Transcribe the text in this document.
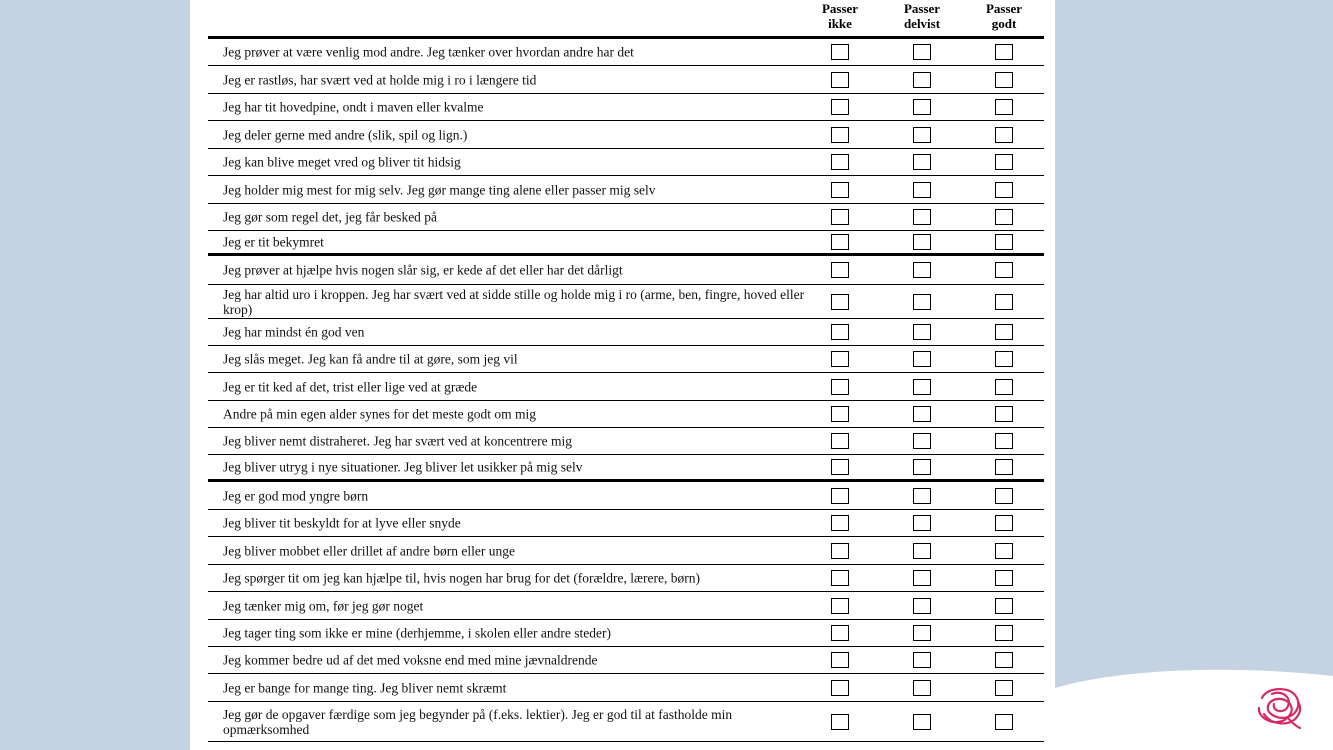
Passer
ikke
Passer
delvist
Passer
godt
Jeg prøver at være venlig mod andre. Jeg tænker over hvordan andre har det
Jeg er rastløs, har svært ved at holde mig i ro i længere tid
Jeg har tit hovedpine, ondt i maven eller kvalme
Jeg deler gerne med andre (slik, spil og lign.)
Jeg kan blive meget vred og bliver tit hidsig
Jeg holder mig mest for mig selv. Jeg gør mange ting alene eller passer mig selv
Jeg gør som regel det, jeg får besked på
Jeg er tit bekymret
Jeg prøver at hjælpe hvis nogen slår sig, er kede af det eller har det dårligt
Jeg har altid uro i kroppen. Jeg har svært ved at sidde stille og holde mig i ro (arme, ben, fingre, hoved eller krop)
Jeg har mindst én god ven
Jeg slås meget. Jeg kan få andre til at gøre, som jeg vil
Jeg er tit ked af det, trist eller lige ved at græde
Andre på min egen alder synes for det meste godt om mig
Jeg bliver nemt distraheret. Jeg har svært ved at koncentrere mig
Jeg bliver utryg i nye situationer. Jeg bliver let usikker på mig selv
Jeg er god mod yngre børn
Jeg bliver tit beskyldt for at lyve eller snyde
Jeg bliver mobbet eller drillet af andre børn eller unge
Jeg spørger tit om jeg kan hjælpe til, hvis nogen har brug for det (forældre, lærere, børn)
Jeg tænker mig om, før jeg gør noget
Jeg tager ting som ikke er mine (derhjemme, i skolen eller andre steder)
Jeg kommer bedre ud af det med voksne end med mine jævnaldrende
Jeg er bange for mange ting. Jeg bliver nemt skræmt
Jeg gør de opgaver færdige som jeg begynder på (f.eks. lektier). Jeg er god til at fastholde min opmærksomhed
